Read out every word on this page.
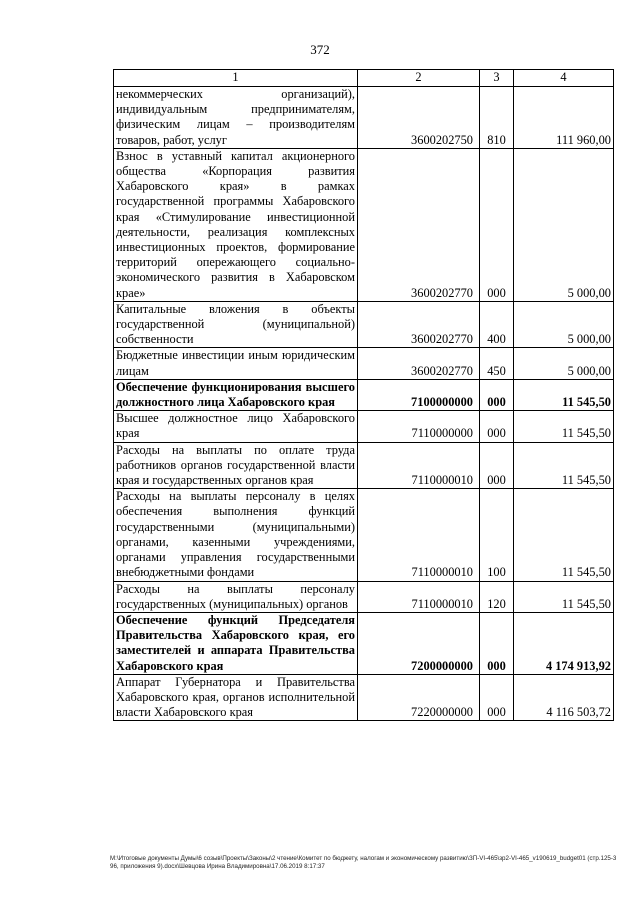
372
1	2	3	4
некоммерческих организаций), индивидуальным предпринимателям, физическим лицам – производителям товаров, работ, услуг	3600202750	810	111 960,00
Взнос в уставный капитал акционерного общества «Корпорация развития Хабаровского края» в рамках государственной программы Хабаровского края «Стимулирование инвестиционной деятельности, реализация комплексных инвестиционных проектов, формирование территорий опережающего социально-экономического развития в Хабаровском крае»	3600202770	000	5 000,00
Капитальные вложения в объекты государственной (муниципальной) собственности	3600202770	400	5 000,00
Бюджетные инвестиции иным юридическим лицам	3600202770	450	5 000,00
Обеспечение функционирования высшего должностного лица Хабаровского края	7100000000	000	11 545,50
Высшее должностное лицо Хабаровского края	7110000000	000	11 545,50
Расходы на выплаты по оплате труда работников органов государственной власти края и государственных органов края	7110000010	000	11 545,50
Расходы на выплаты персоналу в целях обеспечения выполнения функций государственными (муниципальными) органами, казенными учреждениями, органами управления государственными внебюджетными фондами	7110000010	100	11 545,50
Расходы на выплаты персоналу государственных (муниципальных) органов	7110000010	120	11 545,50
Обеспечение функций Председателя Правительства Хабаровского края, его заместителей и аппарата Правительства Хабаровского края	7200000000	000	4 174 913,92
Аппарат Губернатора и Правительства Хабаровского края, органов исполнительной власти Хабаровского края	7220000000	000	4 116 503,72
M:\Итоговые документы Думы\6 созыв\Проекты\Законы\2 чтение\Комитет по бюджету, налогам и экономическому развитию\ЗП-VI-465\зр2-VI-465_v190619_budget01 (стр.125-396, приложения 9).docx\Шевцова Ирина Владимировна\17.06.2019 8:17:37
